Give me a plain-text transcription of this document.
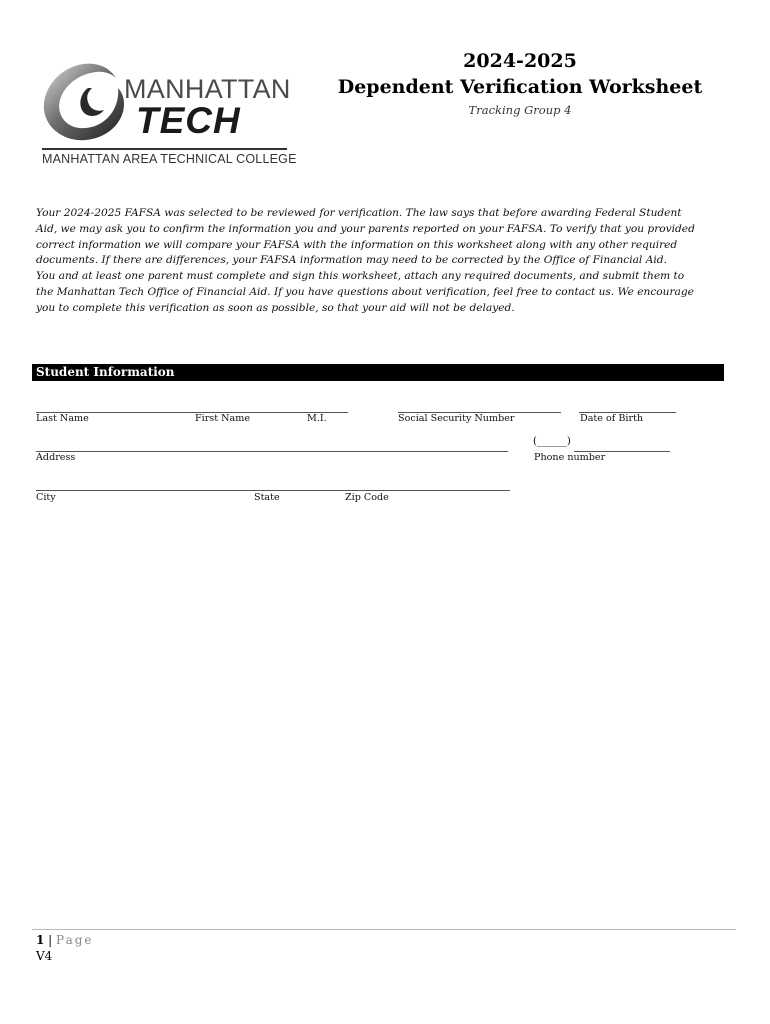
MANHATTAN
TECH
MANHATTAN AREA TECHNICAL COLLEGE
2024-2025
Dependent Verification Worksheet
Tracking Group 4

Your 2024-2025 FAFSA was selected to be reviewed for verification. The law says that before awarding Federal Student Aid, we may ask you to confirm the information you and your parents reported on your FAFSA. To verify that you provided correct information we will compare your FAFSA with the information on this worksheet along with any other required documents. If there are differences, your FAFSA information may need to be corrected by the Office of Financial Aid.

You and at least one parent must complete and sign this worksheet, attach any required documents, and submit them to the Manhattan Tech Office of Financial Aid. If you have questions about verification, feel free to contact us. We encourage you to complete this verification as soon as possible, so that your aid will not be delayed.

Student Information
Last Name	First Name	M.I.	Social Security Number	Date of Birth
(______)
Address	Phone number
City	State	Zip Code
1 | Page
V4
